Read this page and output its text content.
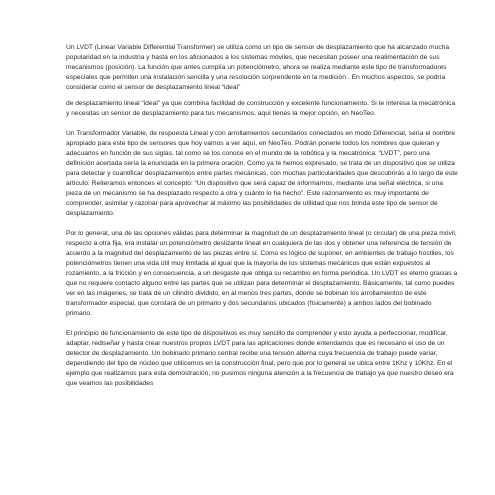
Un LVDT (Linear Variable Differential Transformer) se utiliza como un tipo de sensor de desplazamiento que ha alcanzado mucha popularidad en la industria y hasta en los aficionados a los sistemas móviles, que necesitan poseer una realimentación de sus mecanismos (posición). La función que antes cumplía un potenciómetro, ahora se realiza mediante este tipo de transformadores especiales que permiten una instalación sencilla y una resolución sorprendente en la medición . En muchos aspectos, se podría considerar como el sensor de desplazamiento lineal “ideal”

de desplazamiento lineal “ideal” ya que combina facilidad de construcción y excelente funcionamiento. Si te interesa la mecatrónica y necesitas un sensor de desplazamiento para tus mecanismos, aquí tienes la mejor opción, en NeoTeo.

Un Transformador Variable, de respuesta Lineal y con arrollamientos secundarios conectados en modo Diferencial, sería el nombre apropiado para este tipo de sensores que hoy vamos a ver aquí, en NeoTeo. Podrán ponerle todos los nombres que quieran y adecuarlos en función de sus siglas, tal como se los conoce en el mundo de la robótica y la mecatrónica: “LVDT”, pero una definición acertada sería la enunciada en la primera oración. Como ya te hemos expresado, se trata de un dispositivo que se utiliza para detectar y cuantificar desplazamientos entre partes mecánicas, con muchas particularidades que descubrirás a lo largo de este artículo. Reiteramos entonces el concepto: “Un dispositivo que será capaz de informarnos, mediante una señal eléctrica, si una pieza de un mecanismo se ha desplazado respecto a otra y cuánto lo ha hecho”. Este razonamiento es muy importante de comprender, asimilar y razonar para aprovechar al máximo las posibilidades de utilidad que nos brinda este tipo de sensor de desplazamiento.

Por lo general, una de las opciones válidas para determinar la magnitud de un desplazamiento lineal (o circular) de una pieza móvil, respecto a otra fija, era instalar un potenciómetro deslizante lineal en cualquiera de las dos y obtener una referencia de tensión de acuerdo a la magnitud del desplazamiento de las piezas entre sí. Como es lógico de suponer, en ambientes de trabajo hostiles, los potenciómetros tienen una vida útil muy limitada al igual que la mayoría de los sistemas mecánicos que están expuestos al rozamiento, a la fricción y en consecuencia, a un desgaste que obliga su recambio en forma periódica. Un LVDT es eterno gracias a que no requiere contacto alguno entre las partes que se utilizan para determinar el desplazamiento. Básicamente, tal como puedes ver en las imágenes, se trata de un cilindro dividido, en al menos tres partes, donde se bobinan los arrollamientos de este transformador especial, que constará de un primario y dos secundarios ubicados (físicamente) a ambos lados del bobinado primario.

El principio de funcionamiento de este tipo de dispositivos es muy sencillo de comprender y esto ayuda a perfeccionar, modificar, adaptar, rediseñar y hasta crear nuestros propios LVDT para las aplicaciones donde entendamos que es necesario el uso de un detector de desplazamiento. Un bobinado primario central recibe una tensión alterna cuya frecuencia de trabajo puede variar, dependiendo del tipo de núcleo que utilicemos en la construcción final, pero que por lo general se ubica entre 1Khz y 10Khz. En el ejemplo que realizamos para esta demostración, no pusimos ninguna atención a la frecuencia de trabajo ya que nuestro deseo era que veamos las posibilidades
